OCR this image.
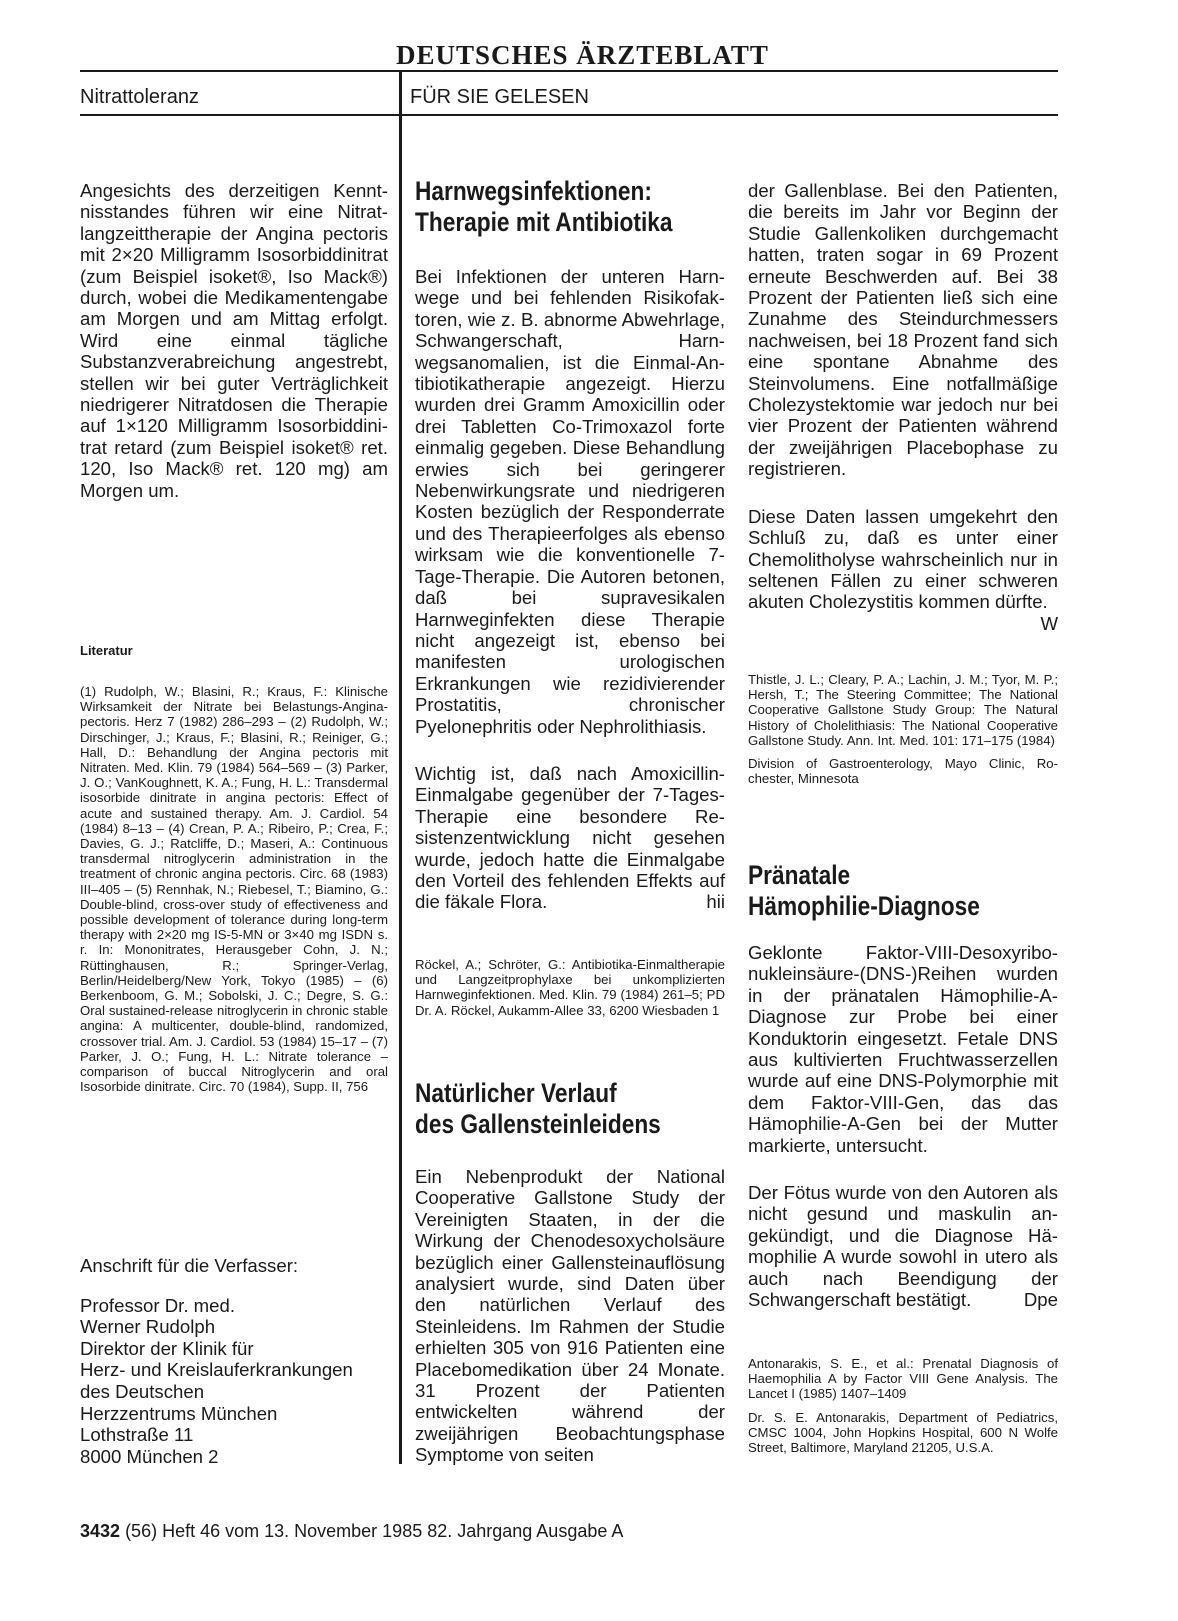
DEUTSCHES ÄRZTEBLATT
Nitrattoleranz	FÜR SIE GELESEN
Angesichts des derzeitigen Kenntnisstandes führen wir eine Nitratlangzeittherapie der Angina pectoris mit 2×20 Milligramm Isosorbiddinitrat (zum Beispiel isoket®, Iso Mack®) durch, wobei die Medikamentengabe am Morgen und am Mittag erfolgt. Wird eine einmal tägliche Substanzverabreichung angestrebt, stellen wir bei guter Verträglichkeit niedrigerer Nitratdosen die Therapie auf 1×120 Milligramm Isosorbiddinitrat retard (zum Beispiel isoket® ret. 120, Iso Mack® ret. 120 mg) am Morgen um.
Literatur
(1) Rudolph, W.; Blasini, R.; Kraus, F.: Klinische Wirksamkeit der Nitrate bei Belastungs-Angina-pectoris. Herz 7 (1982) 286–293 – (2) Rudolph, W.; Dirschinger, J.; Kraus, F.; Blasini, R.; Reiniger, G.; Hall, D.: Behandlung der Angina pectoris mit Nitraten. Med. Klin. 79 (1984) 564–569 – (3) Parker, J. O.; VanKoughnett, K. A.; Fung, H. L.: Transdermal isosorbide dinitrate in angina pectoris: Effect of acute and sustained therapy. Am. J. Cardiol. 54 (1984) 8–13 – (4) Crean, P. A.; Ribeiro, P.; Crea, F.; Davies, G. J.; Ratcliffe, D.; Maseri, A.: Continuous transdermal nitroglycerin administration in the treatment of chronic angina pectoris. Circ. 68 (1983) III–405 – (5) Rennhak, N.; Riebesel, T.; Biamino, G.: Double-blind, cross-over study of effectiveness and possible development of tolerance during long-term therapy with 2×20 mg IS-5-MN or 3×40 mg ISDN s. r. In: Mononitrates, Herausgeber Cohn, J. N.; Rüttinghausen, R.; Springer-Verlag, Berlin/Heidelberg/New York, Tokyo (1985) – (6) Berkenboom, G. M.; Sobolski, J. C.; Degre, S. G.: Oral sustained-release nitroglycerin in chronic stable angina: A multicenter, double-blind, randomized, crossover trial. Am. J. Cardiol. 53 (1984) 15–17 – (7) Parker, J. O.; Fung, H. L.: Nitrate tolerance – comparison of buccal Nitroglycerin and oral Isosorbide dinitrate. Circ. 70 (1984), Supp. II, 756
Anschrift für die Verfasser:
Professor Dr. med.
Werner Rudolph
Direktor der Klinik für
Herz- und Kreislauferkrankungen
des Deutschen
Herzzentrums München
Lothstraße 11
8000 München 2
Harnwegsinfektionen:
Therapie mit Antibiotika

Bei Infektionen der unteren Harnwege und bei fehlenden Risikofaktoren, wie z. B. abnorme Abwehrlage, Schwangerschaft, Harnwegsanomalien, ist die Einmal-Antibiotikatherapie angezeigt. Hierzu wurden drei Gramm Amoxicillin oder drei Tabletten Co-Trimoxazol forte einmalig gegeben. Diese Behandlung erwies sich bei geringerer Nebenwirkungsrate und niedrigeren Kosten bezüglich der Responderrate und des Therapieerfolges als ebenso wirksam wie die konventionelle 7-Tage-Therapie. Die Autoren betonen, daß bei supravesikalen Harnweginfekten diese Therapie nicht angezeigt ist, ebenso bei manifesten urologischen Erkrankungen wie rezidivierender Prostatitis, chronischer Pyelonephritis oder Nephrolithiasis.

Wichtig ist, daß nach Amoxicillin-Einmalgabe gegenüber der 7-Tages-Therapie eine besondere Resistenzentwicklung nicht gesehen wurde, jedoch hatte die Einmalgabe den Vorteil des fehlenden Effekts auf die fäkale Flora.	hii

Röckel, A.; Schröter, G.: Antibiotika-Einmaltherapie und Langzeitprophylaxe bei unkomplizierten Harnweginfektionen. Med. Klin. 79 (1984) 261–5; PD Dr. A. Röckel, Aukamm-Allee 33, 6200 Wiesbaden 1
Natürlicher Verlauf
des Gallensteinleidens
Ein Nebenprodukt der National Cooperative Gallstone Study der Vereinigten Staaten, in der die Wirkung der Chenodesoxycholsäure bezüglich einer Gallensteinauflösung analysiert wurde, sind Daten über den natürlichen Verlauf des Steinleidens. Im Rahmen der Studie erhielten 305 von 916 Patienten eine Placebomedikation über 24 Monate. 31 Prozent der Patienten entwickelten während der zweijährigen Beobachtungsphase Symptome von seiten

der Gallenblase. Bei den Patienten, die bereits im Jahr vor Beginn der Studie Gallenkoliken durchgemacht hatten, traten sogar in 69 Prozent erneute Beschwerden auf. Bei 38 Prozent der Patienten ließ sich eine Zunahme des Steindurchmessers nachweisen, bei 18 Prozent fand sich eine spontane Abnahme des Steinvolumens. Eine notfallmäßige Cholezystektomie war jedoch nur bei vier Prozent der Patienten während der zweijährigen Placebophase zu registrieren.

Diese Daten lassen umgekehrt den Schluß zu, daß es unter einer Chemolitholyse wahrscheinlich nur in seltenen Fällen zu einer schweren akuten Cholezystitis kommen dürfte.
W

Thistle, J. L.; Cleary, P. A.; Lachin, J. M.; Tyor, M. P.; Hersh, T.; The Steering Committee; The National Cooperative Gallstone Study Group: The Natural History of Cholelithiasis: The National Cooperative Gallstone Study. Ann. Int. Med. 101: 171–175 (1984)

Division of Gastroenterology, Mayo Clinic, Rochester, Minnesota

Pränatale
Hämophilie-Diagnose

Geklonte Faktor-VIII-Desoxyribonukleinsäure-(DNS-)Reihen wurden in der pränatalen Hämophilie-A-Diagnose zur Probe bei einer Konduktorin eingesetzt. Fetale DNS aus kultivierten Fruchtwasserzellen wurde auf eine DNS-Polymorphie mit dem Faktor-VIII-Gen, das das Hämophilie-A-Gen bei der Mutter markierte, untersucht.

Der Fötus wurde von den Autoren als nicht gesund und maskulin angekündigt, und die Diagnose Hämophilie A wurde sowohl in utero als auch nach Beendigung der Schwangerschaft bestätigt.	Dpe

Antonarakis, S. E., et al.: Prenatal Diagnosis of Haemophilia A by Factor VIII Gene Analysis. The Lancet I (1985) 1407–1409

Dr. S. E. Antonarakis, Department of Pediatrics, CMSC 1004, John Hopkins Hospital, 600 N Wolfe Street, Baltimore, Maryland 21205, U.S.A.

3432 (56) Heft 46 vom 13. November 1985 82. Jahrgang Ausgabe A
